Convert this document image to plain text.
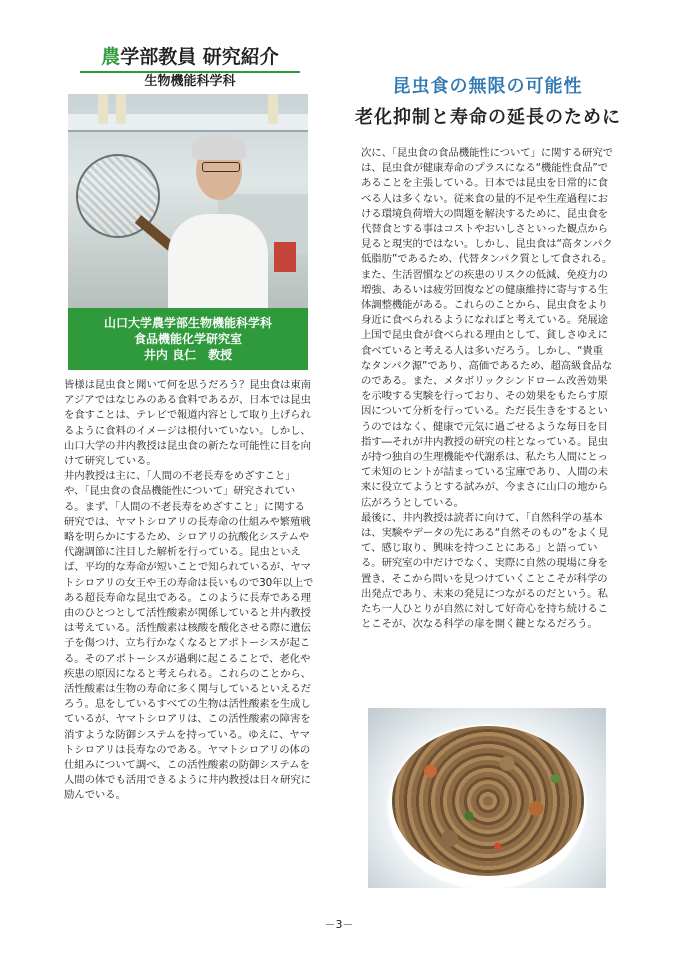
農学部教員 研究紹介
生物機能科学科
山口大学農学部生物機能科学科
食品機能化学研究室
井内 良仁　教授

皆様は昆虫食と聞いて何を思うだろう？昆虫食は東南アジアではなじみのある食料であるが、日本では昆虫を食すことは、テレビで報道内容として取り上げられるように食料のイメージは根付いていない。しかし、山口大学の井内教授は昆虫食の新たな可能性に目を向けて研究している。

井内教授は主に、「人間の不老長寿をめざすこと」や、「昆虫食の食品機能性について」研究されている。まず、「人間の不老長寿をめざすこと」に関する研究では、ヤマトシロアリの長寿命の仕組みや繁殖戦略を明らかにするため、シロアリの抗酸化システムや代謝調節に注目した解析を行っている。昆虫といえば、平均的な寿命が短いことで知られているが、ヤマトシロアリの女王や王の寿命は長いもので30年以上である超長寿命な昆虫である。このように長寿である理由のひとつとして活性酸素が関係していると井内教授は考えている。活性酸素は核酸を酸化させる際に遺伝子を傷つけ、立ち行かなくなるとアポトーシスが起こる。そのアポトーシスが過剰に起こることで、老化や疾患の原因になると考えられる。これらのことから、活性酸素は生物の寿命に多く関与しているといえるだろう。息をしているすべての生物は活性酸素を生成しているが、ヤマトシロアリは、この活性酸素の障害を消すような防御システムを持っている。ゆえに、ヤマトシロアリは長寿なのである。ヤマトシロアリの体の仕組みについて調べ、この活性酸素の防御システムを人間の体でも活用できるように井内教授は日々研究に励んでいる。

昆虫食の無限の可能性
老化抑制と寿命の延長のために

次に、「昆虫食の食品機能性について」に関する研究では、昆虫食が健康寿命のプラスになる“機能性食品”であることを主張している。日本では昆虫を日常的に食べる人は多くない。従来食の量的不足や生産過程における環境負荷増大の問題を解決するために、昆虫食を代替食とする事はコストやおいしさといった観点から見ると現実的ではない。しかし、昆虫食は“高タンパク低脂肪”であるため、代替タンパク質として食される。また、生活習慣などの疾患のリスクの低減、免疫力の増強、あるいは疲労回復などの健康維持に寄与する生体調整機能がある。これらのことから、昆虫食をより身近に食べられるようになればと考えている。発展途上国で昆虫食が食べられる理由として、貧しさゆえに食べていると考える人は多いだろう。しかし、“貴重なタンパク源”であり、高価であるため、超高級食品なのである。また、メタボリックシンドローム改善効果を示唆する実験を行っており、その効果をもたらす原因について分析を行っている。ただ長生きをするというのではなく、健康で元気に過ごせるような毎日を目指す―それが井内教授の研究の柱となっている。昆虫が持つ独自の生理機能や代謝系は、私たち人間にとって未知のヒントが詰まっている宝庫であり、人間の未来に役立てようとする試みが、今まさに山口の地から広がろうとしている。

最後に、井内教授は読者に向けて、「自然科学の基本は、実験やデータの先にある“自然そのもの”をよく見て、感じ取り、興味を持つことにある」と語っている。研究室の中だけでなく、実際に自然の現場に身を置き、そこから問いを見つけていくことこそが科学の出発点であり、未来の発見につながるのだという。私たち一人ひとりが自然に対して好奇心を持ち続けることこそが、次なる科学の扉を開く鍵となるだろう。

－3－
